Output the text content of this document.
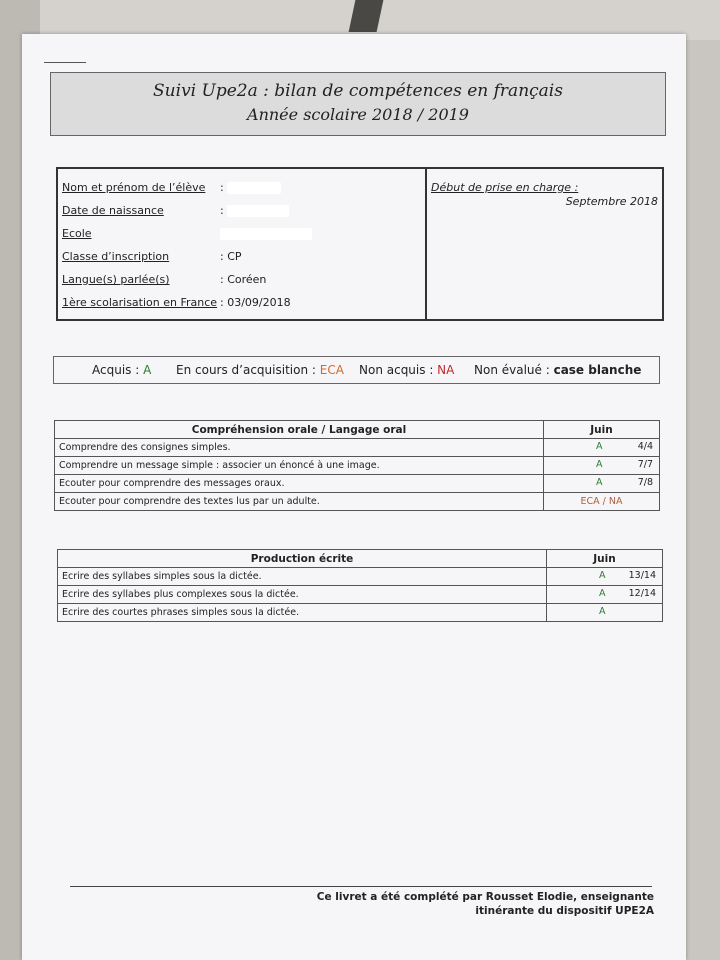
Suivi Upe2a : bilan de compétences en français
Année scolaire 2018 / 2019
Nom et prénom de l’élève :
Date de naissance	:
Ecole
Classe d’inscription	: CP
Langue(s) parlée(s)	: Coréen
1ère scolarisation en France : 03/09/2018
Début de prise en charge :
Septembre 2018
Acquis : A En cours d’acquisition : ECA Non acquis : NA Non évalué : case blanche
Compréhension orale / Langage oral	Juin
Comprendre des consignes simples.	A 4/4

Comprendre un message simple : associer un énoncé à une image.	A 7/7

Ecouter pour comprendre des messages oraux.	A 7/8

Ecouter pour comprendre des textes lus par un adulte.	ECA / NA
Production écrite	Juin
Ecrire des syllabes simples sous la dictée.	A 13/14

Ecrire des syllabes plus complexes sous la dictée.	A 12/14

Ecrire des courtes phrases simples sous la dictée.	A
Ce livret a été complété par Rousset Elodie, enseignante
itinérante du dispositif UPE2A
